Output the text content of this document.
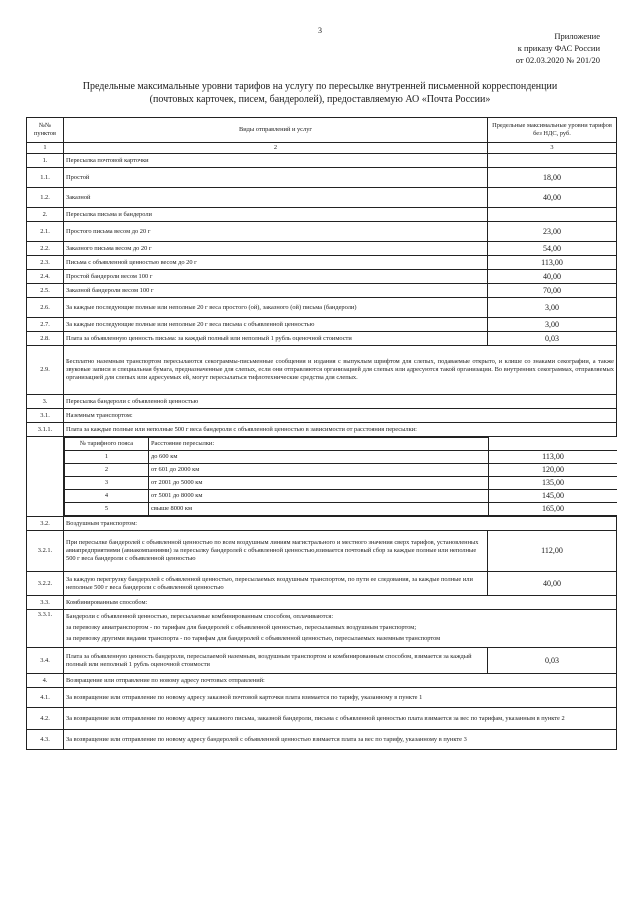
3
Приложение
к приказу ФАС России
от 02.03.2020 № 201/20
Предельные максимальные уровни тарифов на услугу по пересылке внутренней письменной корреспонденции
(почтовых карточек, писем, бандеролей), предоставляемую АО «Почта России»
№№ пунктов	Виды отправлений и услуг	Предельные максимальные уровни тарифов без НДС, руб.
1	2	3
1.	Пересылка почтовой карточки	
1.1.	Простой	18,00
1.2.	Заказной	40,00
2.	Пересылка письма и бандероли	
2.1.	Простого письма весом до 20 г	23,00
2.2.	Заказного письма весом до 20 г	54,00
2.3.	Письма с объявленной ценностью весом до 20 г	113,00
2.4.	Простой бандероли весом 100 г	40,00
2.5.	Заказной бандероли весом 100 г	70,00
2.6.	За каждые последующие полные или неполные 20 г веса простого (ой), заказного (ой) письма (бандероли)	3,00
2.7.	За каждые последующие полные или неполные 20 г веса письма с объявленной ценностью	3,00
2.8.	Плата за объявленную ценность письма: за каждый полный или неполный 1 рубль оценочной стоимости	0,03
2.9.	Бесплатно наземным транспортом пересылаются секограммы-письменные сообщения и издания с выпуклым шрифтом для слепых, подаваемые открыто, и клише со знаками секографии, а также звуковые записи и специальная бумага, предназначенные для слепых, если они отправляются организацией для слепых или адресуются такой организации. Во внутренних секограммах, отправляемых организацией для слепых или адресуемых ей, могут пересылаться тифлотехнические средства для слепых.
3.	Пересылка бандероли с объявленной ценностью
3.1.	Наземным транспортом:
3.1.1.	Плата за каждые полные или неполные 500 г веса бандероли с объявленной ценностью в зависимости от расстояния пересылки:

№ тарифного пояса	Расстояние пересылки:	
1	до 600 км	113,00
2	от 601 до 2000 км	120,00
3	от 2001 до 5000 км	135,00
4	от 5001 до 8000 км	145,00
5	свыше 8000 км	165,00

3.2.	Воздушным транспортом:
3.2.1.	При пересылке бандеролей с объявленной ценностью по всем воздушным линиям магистрального и местного значения сверх тарифов, установленных авиапредприятиями (авиакомпаниями) за пересылку бандеролей с объявленной ценностью,взимается почтовый сбор за каждые полные или неполные 500 г веса бандероли с объявленной ценностью	112,00
3.2.2.	За каждую перегрузку бандеролей с объявленной ценностью, пересылаемых воздушным транспортом, по пути ее следования, за каждые полные или неполные 500 г веса бандероли с объявленной ценностью	40,00
3.3.	Комбинированным способом:
3.3.1.	Бандероли с объявленной ценностью, пересылаемые комбинированным способом, оплачиваются:
за перевозку авиатранспортом - по тарифам для бандеролей с объявленной ценностью, пересылаемых воздушным транспортом;
за перевозку другими видами транспорта - по тарифам для бандеролей с объявленной ценностью, пересылаемых наземным транспортом

3.4.	Плата за объявленную ценность бандероли, пересылаемой наземным, воздушным транспортом и комбинированным способом, взимается за каждый полный или неполный 1 рубль оценочной стоимости	0,03
4.	Возвращение или отправление по новому адресу почтовых отправлений:
4.1.	За возвращение или отправление по новому адресу заказной почтовой карточки плата взимается по тарифу, указанному в пункте 1
4.2.	За возвращение или отправление по новому адресу заказного письма, заказной бандероли, письма с объявленной ценностью плата взимается за вес по тарифам, указанным в пункте 2
4.3.	За возвращение или отправление по новому адресу бандеролей с объявленной ценностью взимается плата за вес по тарифу, указанному в пункте 3
